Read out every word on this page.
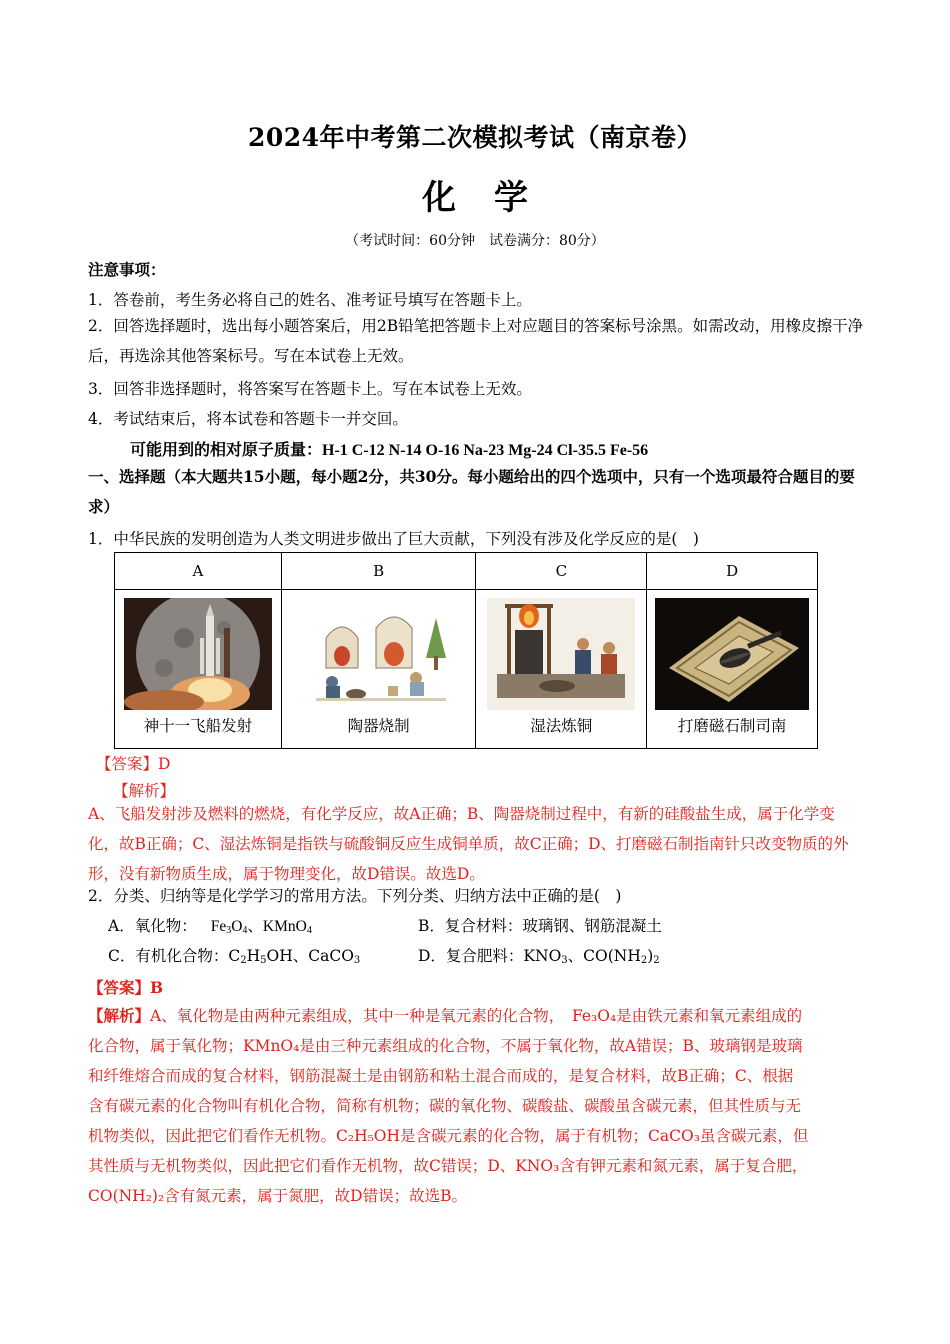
2024年中考第二次模拟考试（南京卷）
化学
（考试时间：60分钟　试卷满分：80分）
注意事项：
1．答卷前，考生务必将自己的姓名、准考证号填写在答题卡上。
2．回答选择题时，选出每小题答案后，用2B铅笔把答题卡上对应题目的答案标号涂黑。如需改动，用橡皮擦干净后，再选涂其他答案标号。写在本试卷上无效。
3．回答非选择题时，将答案写在答题卡上。写在本试卷上无效。
4．考试结束后，将本试卷和答题卡一并交回。
可能用到的相对原子质量：H-1 C-12 N-14 O-16 Na-23 Mg-24 Cl-35.5 Fe-56
一、选择题（本大题共15小题，每小题2分，共30分。每小题给出的四个选项中，只有一个选项最符合题目的要求）
1．中华民族的发明创造为人类文明进步做出了巨大贡献，下列没有涉及化学反应的是(　)
A	B	C	D

神十一飞船发射	陶器烧制	湿法炼铜	打磨磁石制司南
【答案】D
【解析】
A、飞船发射涉及燃料的燃烧，有化学反应，故A正确；B、陶器烧制过程中，有新的硅酸盐生成，属于化学变化，故B正确；C、湿法炼铜是指铁与硫酸铜反应生成铜单质，故C正确；D、打磨磁石制指南针只改变物质的外形，没有新物质生成，属于物理变化，故D错误。故选D。
2．分类、归纳等是化学学习的常用方法。下列分类、归纳方法中正确的是(　)
A．氧化物： $Fe_3O_4$、KMnO$_4$	B．复合材料：玻璃钢、钢筋混凝土
C．有机化合物：$C_2H_5OH$、CaCO$_3$	D．复合肥料：$KNO_3$、$CO(NH_2)_2$
【答案】B
【解析】A、氧化物是由两种元素组成，其中一种是氧元素的化合物，　Fe₃O₄是由铁元素和氧元素组成的
化合物，属于氧化物；KMnO₄是由三种元素组成的化合物，不属于氧化物，故A错误；B、玻璃钢是玻璃
和纤维熔合而成的复合材料，钢筋混凝土是由钢筋和粘土混合而成的，是复合材料，故B正确；C、根据
含有碳元素的化合物叫有机化合物，简称有机物；碳的氧化物、碳酸盐、碳酸虽含碳元素，但其性质与无
机物类似，因此把它们看作无机物。C₂H₅OH是含碳元素的化合物，属于有机物；CaCO₃虽含碳元素，但
其性质与无机物类似，因此把它们看作无机物，故C错误；D、KNO₃含有钾元素和氮元素，属于复合肥，
CO(NH₂)₂含有氮元素，属于氮肥，故D错误；故选B。
